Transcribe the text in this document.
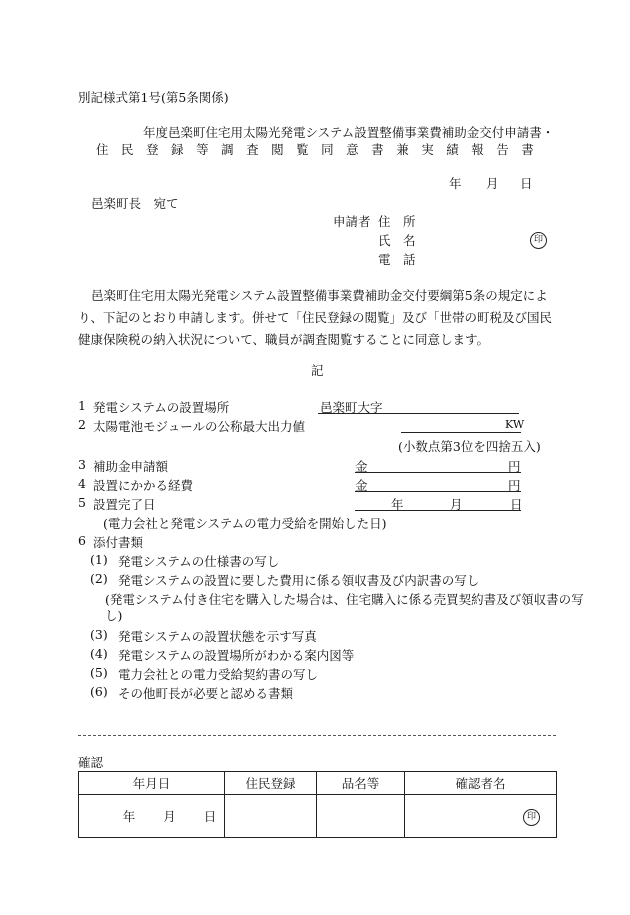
別記様式第1号(第5条関係)
年度邑楽町住宅用太陽光発電システム設置整備事業費補助金交付申請書・
住 民 登 録 等 調 査 閲 覧 同 意 書 兼 実 績 報 告 書
年 月 日
邑楽町長　宛て
申請者 住　所
氏　名	印
電　話
邑楽町住宅用太陽光発電システム設置整備事業費補助金交付要綱第5条の規定により、下記のとおり申請します。併せて「住民登録の閲覧」及び「世帯の町税及び国民健康保険税の納入状況について、職員が調査閲覧することに同意します。
記
1 発電システムの設置場所	邑楽町大字
2 太陽電池モジュールの公称最大出力値	KW
(小数点第3位を四捨五入)
3 補助金申請額	金	円
4 設置にかかる経費	金	円
5 設置完了日	年	月	日
(電力会社と発電システムの電力受給を開始した日)
6 添付書類
(1) 発電システムの仕様書の写し
(2) 発電システムの設置に要した費用に係る領収書及び内訳書の写し
(発電システム付き住宅を購入した場合は、住宅購入に係る売買契約書及び領収書の写
し)
(3) 発電システムの設置状態を示す写真
(4) 発電システムの設置場所がわかる案内図等
(5) 電力会社との電力受給契約書の写し
(6) その他町長が必要と認める書類
確認
年月日	住民登録	品名等	確認者名
年 月 日			印
